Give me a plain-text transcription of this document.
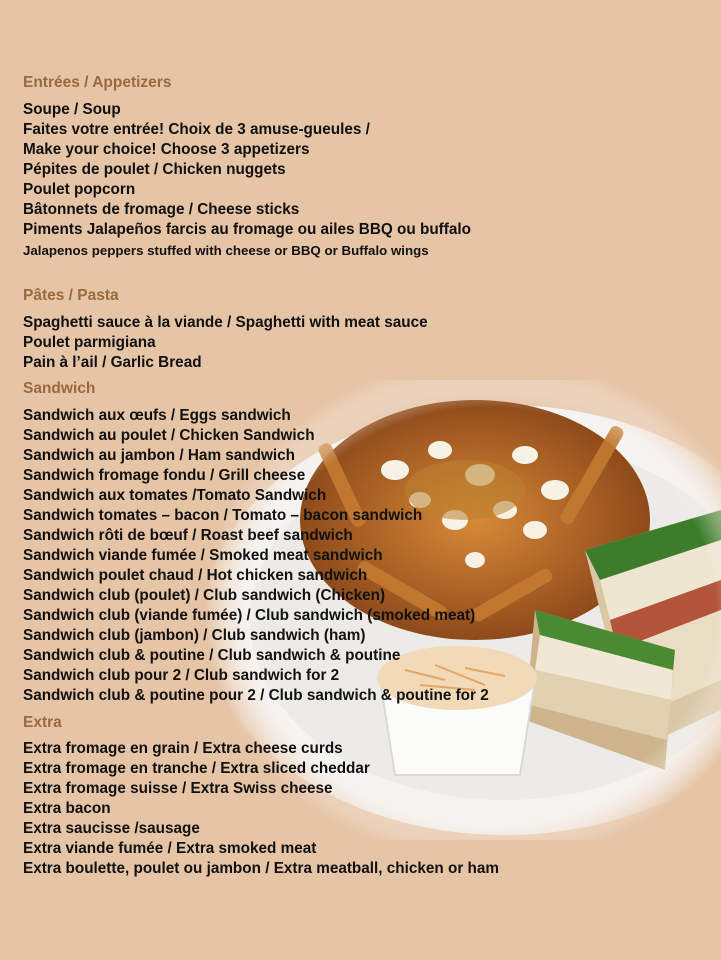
Entrées / Appetizers
Soupe / Soup
Faites votre entrée! Choix de 3 amuse-gueules /
Make your choice! Choose 3 appetizers
Pépites de poulet / Chicken nuggets
Poulet popcorn
Bâtonnets de fromage / Cheese sticks
Piments Jalapeños farcis au fromage ou ailes BBQ ou buffalo
Jalapenos peppers stuffed with cheese or BBQ or Buffalo wings
Pâtes / Pasta
Spaghetti sauce à la viande / Spaghetti with meat sauce
Poulet parmigiana
Pain à l’ail / Garlic Bread
Sandwich
Sandwich aux œufs / Eggs sandwich
Sandwich au poulet / Chicken Sandwich
Sandwich au jambon / Ham sandwich
Sandwich fromage fondu / Grill cheese
Sandwich aux tomates /Tomato Sandwich
Sandwich tomates – bacon / Tomato – bacon sandwich
Sandwich rôti de bœuf / Roast beef sandwich
Sandwich viande fumée / Smoked meat sandwich
Sandwich poulet chaud / Hot chicken sandwich
Sandwich club (poulet) / Club sandwich (Chicken)
Sandwich club (viande fumée) / Club sandwich (smoked meat)
Sandwich club (jambon) / Club sandwich (ham)
Sandwich club & poutine / Club sandwich & poutine
Sandwich club pour 2 / Club sandwich for 2
Sandwich club & poutine pour 2 / Club sandwich & poutine for 2
Extra
Extra fromage en grain / Extra cheese curds
Extra fromage en tranche / Extra sliced cheddar
Extra fromage suisse / Extra Swiss cheese
Extra bacon
Extra saucisse /sausage
Extra viande fumée / Extra smoked meat
Extra boulette, poulet ou jambon / Extra meatball, chicken or ham
